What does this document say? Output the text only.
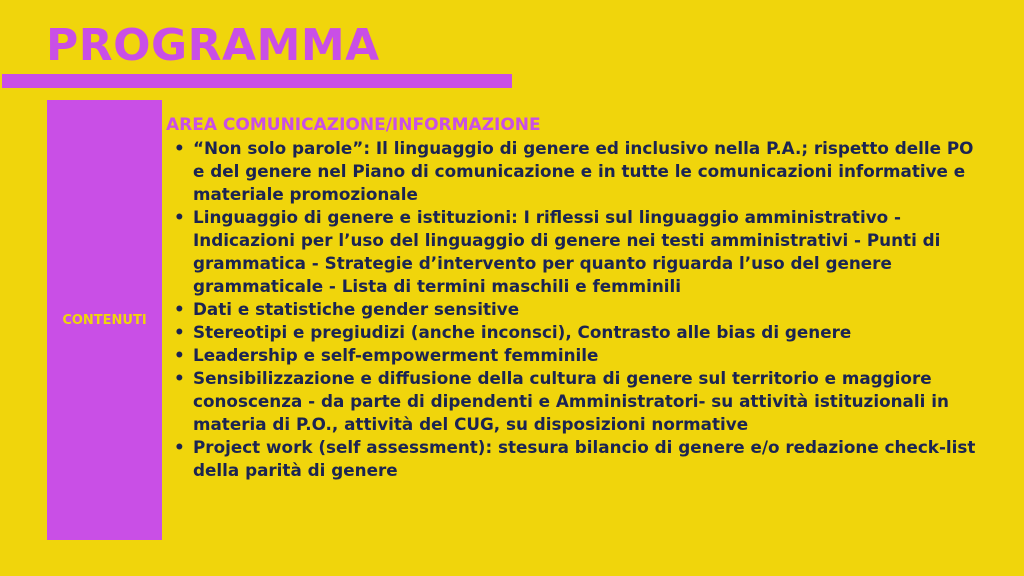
PROGRAMMA
CONTENUTI
AREA COMUNICAZIONE/INFORMAZIONE
• “Non solo parole”: Il linguaggio di genere ed inclusivo nella P.A.; rispetto delle PO e del genere nel Piano di comunicazione e in tutte le comunicazioni informative e materiale promozionale
• Linguaggio di genere e istituzioni: I riflessi sul linguaggio amministrativo - Indicazioni per l’uso del linguaggio di genere nei testi amministrativi - Punti di grammatica - Strategie d’intervento per quanto riguarda l’uso del genere grammaticale - Lista di termini maschili e femminili
• Dati e statistiche gender sensitive
• Stereotipi e pregiudizi (anche inconsci), Contrasto alle bias di genere
• Leadership e self-empowerment femminile
• Sensibilizzazione e diffusione della cultura di genere sul territorio e maggiore conoscenza - da parte di dipendenti e Amministratori- su attività istituzionali in materia di P.O., attività del CUG, su disposizioni normative
• Project work (self assessment): stesura bilancio di genere e/o redazione check-list della parità di genere
